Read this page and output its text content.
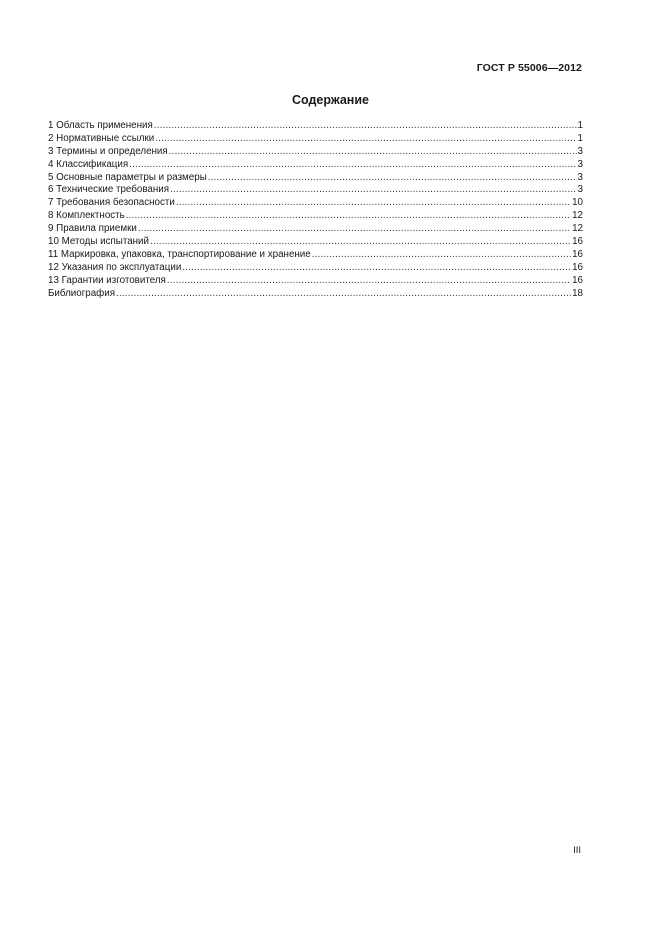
ГОСТ Р 55006—2012
Содержание
1 Область применения .....	1
2 Нормативные ссылки .....	1
3 Термины и определения .....	3
4 Классификация .....	3
5 Основные параметры и размеры .....	3
6 Технические требования .....	3
7 Требования безопасности .....	10
8 Комплектность .....	12
9 Правила приемки .....	12
10 Методы испытаний .....	16
11 Маркировка, упаковка, транспортирование и хранение .....	16
12 Указания по эксплуатации .....	16
13 Гарантии изготовителя .....	16
Библиография .....	18
III
